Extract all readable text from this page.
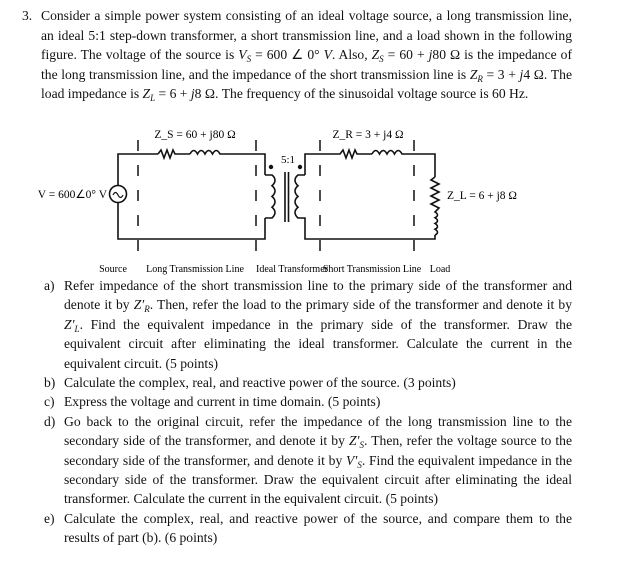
3. Consider a simple power system consisting of an ideal voltage source, a long transmission line, an ideal 5:1 step-down transformer, a short transmission line, and a load shown in the following figure. The voltage of the source is $V_S = 600$ ∠ 0° V. Also, $Z_S = 60 + j80$ Ω is the impedance of the long transmission line, and the impedance of the short transmission line is $Z_R = 3 + j4$ Ω. The load impedance is $Z_L = 6 + j8$ Ω. The frequency of the sinusoidal voltage source is 60 Hz.
Z_S = 60 + j80 Ω	Z_R = 3 + j4 Ω
5:1
V = 600∠0° V	Z_L = 6 + j8 Ω
Source Long Transmission Line Ideal Transformer
Short Transmission Line Load
a) Refer impedance of the short transmission line to the primary side of the transformer and denote it by $Z'_R$. Then, refer the load to the primary side of the transformer and denote it by $Z'_L$. Find the equivalent impedance in the primary side of the transformer. Draw the equivalent circuit after eliminating the ideal transformer. Calculate the current in the equivalent circuit. (5 points)
b) Calculate the complex, real, and reactive power of the source. (3 points)
c) Express the voltage and current in time domain. (5 points)
d) Go back to the original circuit, refer the impedance of the long transmission line to the secondary side of the transformer, and denote it by $Z'_S$. Then, refer the voltage source to the secondary side of the transformer, and denote it by $V'_S$. Find the equivalent impedance in the secondary side of the transformer. Draw the equivalent circuit after eliminating the ideal transformer. Calculate the current in the equivalent circuit. (5 points)
e) Calculate the complex, real, and reactive power of the source, and compare them to the results of part (b). (6 points)
